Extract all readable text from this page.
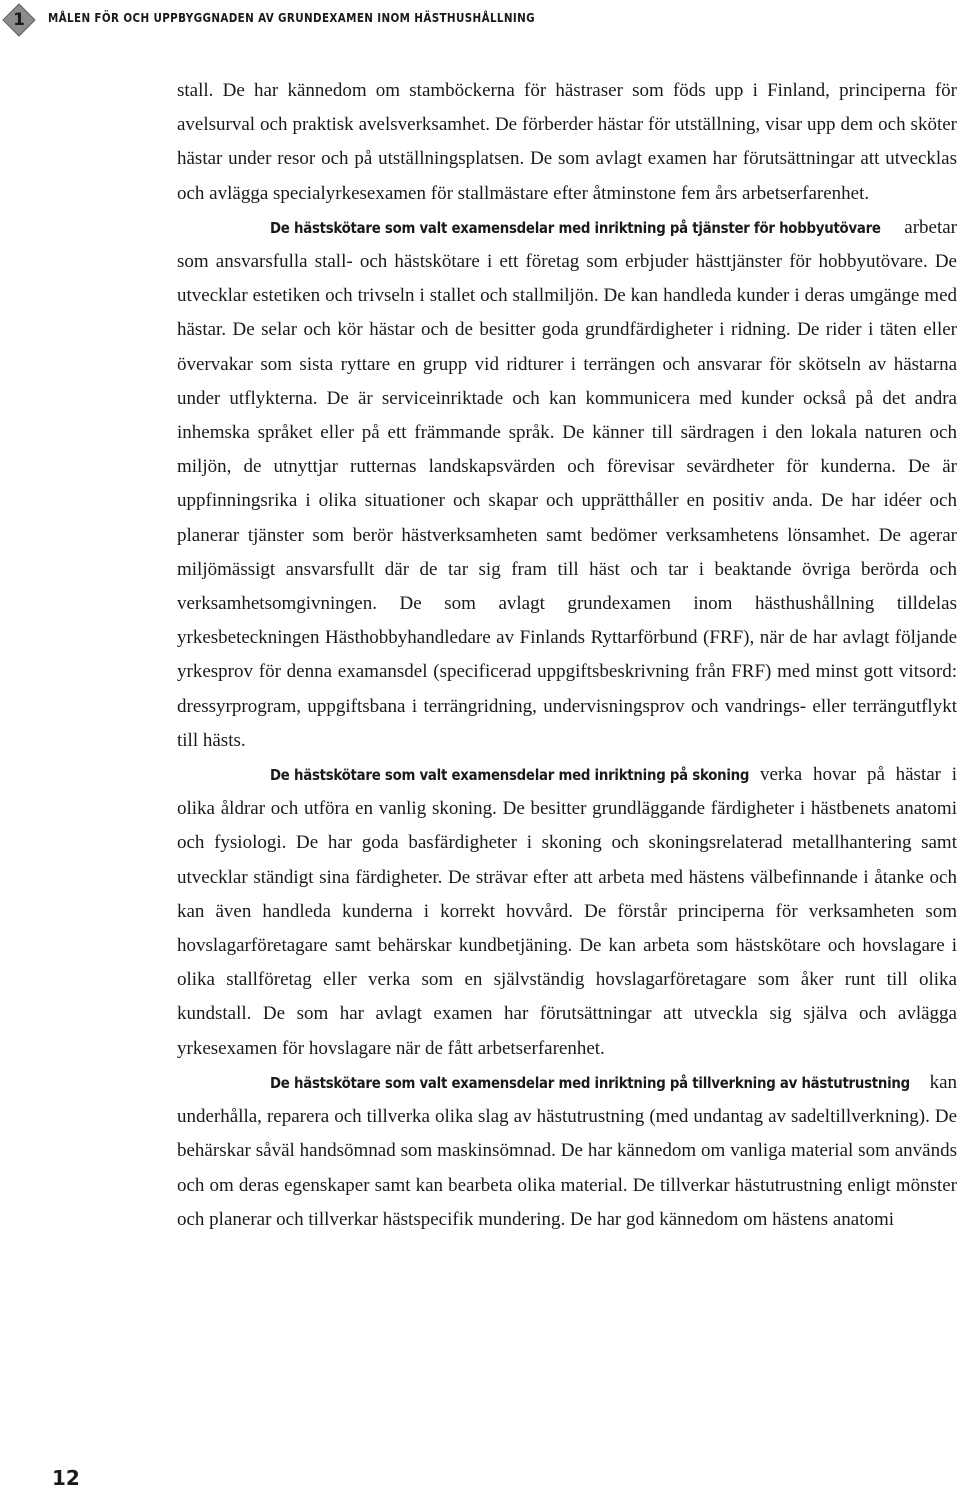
1	MÅLEN FÖR OCH UPPBYGGNADEN AV GRUNDEXAMEN INOM HÄSTHUSHÅLLNING

stall. De har kännedom om stamböckerna för hästraser som föds upp i Finland, principerna för avelsurval och praktisk avelsverksamhet. De förberder hästar för utställning, visar upp dem och sköter hästar under resor och på utställningsplatsen. De som avlagt examen har förutsättningar att utvecklas och avlägga specialyrkesexamen för stallmästare efter åtminstone fem års arbetserfarenhet.

De hästskötare som valt examensdelar med inriktning på tjänster för hobbyutövare arbetar som ansvarsfulla stall- och hästskötare i ett företag som erbjuder hästtjänster för hobbyutövare. De utvecklar estetiken och trivseln i stallet och stallmiljön. De kan handleda kunder i deras umgänge med hästar. De selar och kör hästar och de besitter goda grundfärdigheter i ridning. De rider i täten eller övervakar som sista ryttare en grupp vid ridturer i terrängen och ansvarar för skötseln av hästarna under utflykterna. De är serviceinriktade och kan kommunicera med kunder också på det andra inhemska språket eller på ett främmande språk. De känner till särdragen i den lokala naturen och miljön, de utnyttjar rutternas landskapsvärden och förevisar sevärdheter för kunderna. De är uppfinningsrika i olika situationer och skapar och upprätthåller en positiv anda. De har idéer och planerar tjänster som berör hästverksamheten samt bedömer verksamhetens lönsamhet. De agerar miljömässigt ansvarsfullt där de tar sig fram till häst och tar i beaktande övriga berörda och verksamhetsomgivningen. De som avlagt grundexamen inom hästhushållning tilldelas yrkesbeteckningen Hästhobbyhandledare av Finlands Ryttarförbund (FRF), när de har avlagt följande yrkesprov för denna examansdel (specificerad uppgiftsbeskrivning från FRF) med minst gott vitsord: dressyrprogram, uppgiftsbana i terrängridning, undervisningsprov och vandrings- eller terrängutflykt till hästs.

De hästskötare som valt examensdelar med inriktning på skoning verka hovar på hästar i olika åldrar och utföra en vanlig skoning. De besitter grundläggande färdigheter i hästbenets anatomi och fysiologi. De har goda basfärdigheter i skoning och skoningsrelaterad metallhantering samt utvecklar ständigt sina färdigheter. De strävar efter att arbeta med hästens välbefinnande i åtanke och kan även handleda kunderna i korrekt hovvård. De förstår principerna för verksamheten som hovslagarföretagare samt behärskar kundbetjäning. De kan arbeta som hästskötare och hovslagare i olika stallföretag eller verka som en självständig hovslagarföretagare som åker runt till olika kundstall. De som har avlagt examen har förutsättningar att utveckla sig själva och avlägga yrkesexamen för hovslagare när de fått arbetserfarenhet.

De hästskötare som valt examensdelar med inriktning på tillverkning av hästutrustning kan underhålla, reparera och tillverka olika slag av hästutrustning (med undantag av sadeltillverkning). De behärskar såväl handsömnad som maskinsömnad. De har kännedom om vanliga material som används och om deras egenskaper samt kan bearbeta olika material. De tillverkar hästutrustning enligt mönster och planerar och tillverkar hästspecifik mundering. De har god kännedom om hästens anatomi

12
